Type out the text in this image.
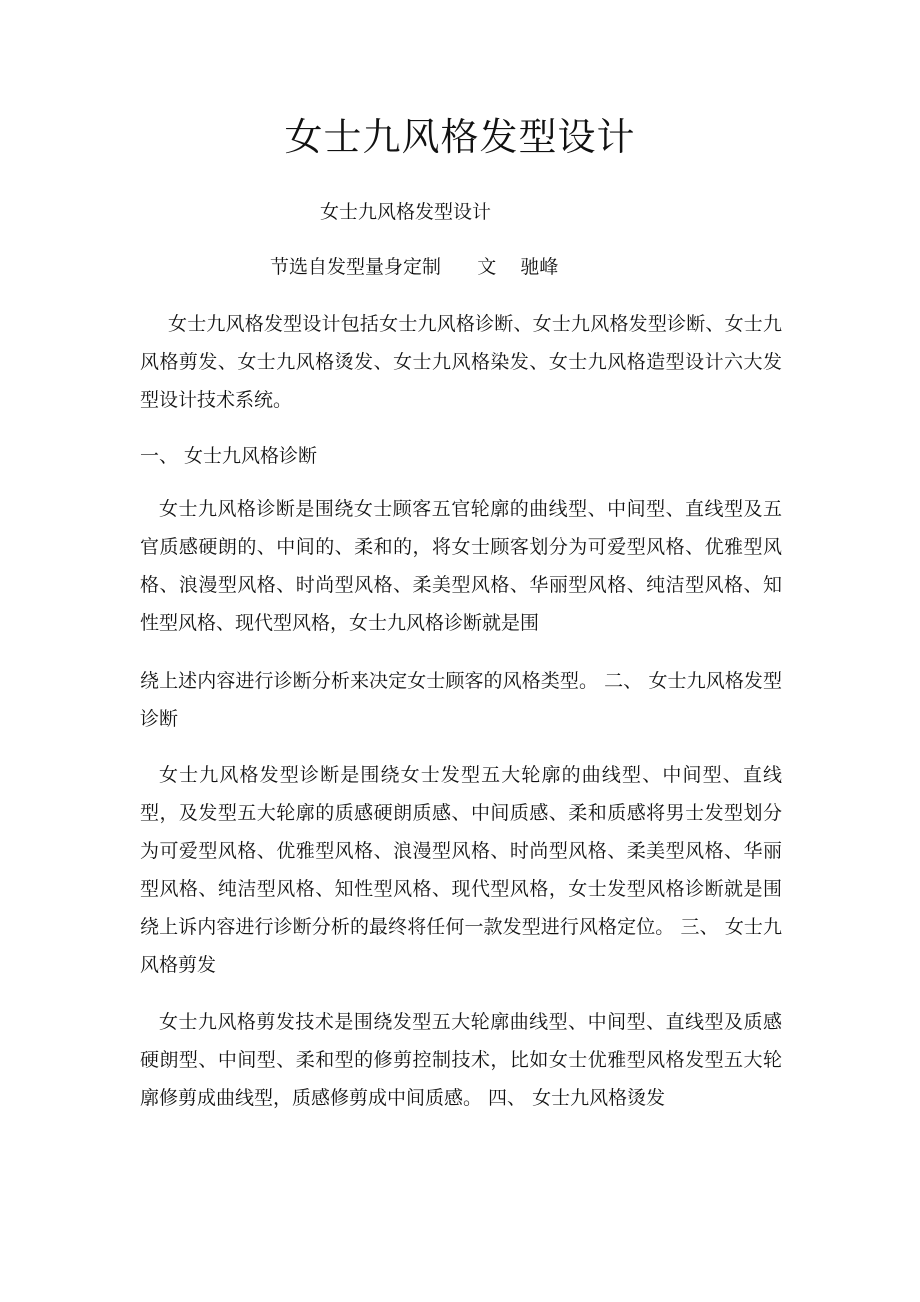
女士九风格发型设计

女士九风格发型设计

节选自发型量身定制      文    驰峰

女士九风格发型设计包括女士九风格诊断、女士九风格发型诊断、女士九风格剪发、女士九风格烫发、女士九风格染发、女士九风格造型设计六大发型设计技术系统。

一、 女士九风格诊断

女士九风格诊断是围绕女士顾客五官轮廓的曲线型、中间型、直线型及五官质感硬朗的、中间的、柔和的，将女士顾客划分为可爱型风格、优雅型风格、浪漫型风格、时尚型风格、柔美型风格、华丽型风格、纯洁型风格、知性型风格、现代型风格，女士九风格诊断就是围

绕上述内容进行诊断分析来决定女士顾客的风格类型。 二、 女士九风格发型诊断

女士九风格发型诊断是围绕女士发型五大轮廓的曲线型、中间型、直线型，及发型五大轮廓的质感硬朗质感、中间质感、柔和质感将男士发型划分为可爱型风格、优雅型风格、浪漫型风格、时尚型风格、柔美型风格、华丽型风格、纯洁型风格、知性型风格、现代型风格，女士发型风格诊断就是围绕上诉内容进行诊断分析的最终将任何一款发型进行风格定位。 三、 女士九风格剪发

女士九风格剪发技术是围绕发型五大轮廓曲线型、中间型、直线型及质感硬朗型、中间型、柔和型的修剪控制技术，比如女士优雅型风格发型五大轮廓修剪成曲线型，质感修剪成中间质感。 四、 女士九风格烫发
